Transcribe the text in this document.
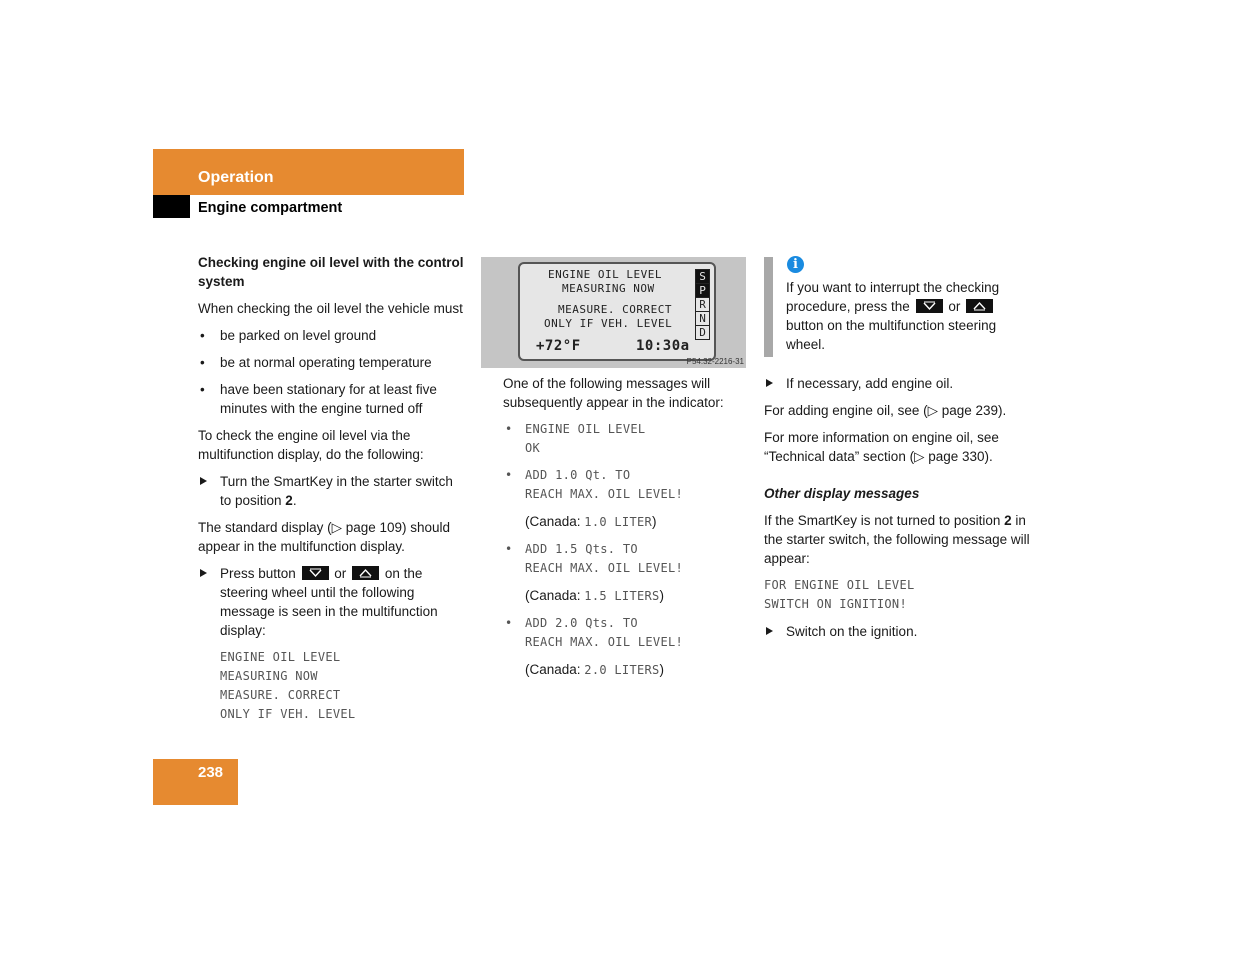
Operation
Engine compartment

Checking engine oil level with the control system

When checking the oil level the vehicle must

• be parked on level ground
• be at normal operating temperature
• have been stationary for at least five minutes with the engine turned off

To check the engine oil level via the multifunction display, do the following:

Turn the SmartKey in the starter switch to position 2.

The standard display (▷ page 109) should appear in the multifunction display.

Press button
or
on the steering wheel until the following message is seen in the multifunction display:
ENGINE OIL LEVEL
MEASURING NOW
MEASURE. CORRECT
ONLY IF VEH. LEVEL
ENGINE OIL LEVEL
MEASURING NOW
MEASURE. CORRECT
ONLY IF VEH. LEVEL
+72°F	10:30a
S
P
R
N
D
P54.32-2216-31

One of the following messages will subsequently appear in the indicator:

• ENGINE OIL LEVEL
OK
• ADD 1.0 Qt. TO
REACH MAX. OIL LEVEL!

(Canada: 1.0 LITER)

• ADD 1.5 Qts. TO
REACH MAX. OIL LEVEL!

(Canada: 1.5 LITERS)

• ADD 2.0 Qts. TO
REACH MAX. OIL LEVEL!

(Canada: 2.0 LITERS)

i

If you want to interrupt the checking procedure, press the
or
button on the multifunction steering wheel.

If necessary, add engine oil.

For adding engine oil, see (▷ page 239).

For more information on engine oil, see “Technical data” section (▷ page 330).

Other display messages

If the SmartKey is not turned to position 2 in the starter switch, the following message will appear:

FOR ENGINE OIL LEVEL
SWITCH ON IGNITION!
Switch on the ignition.
238
